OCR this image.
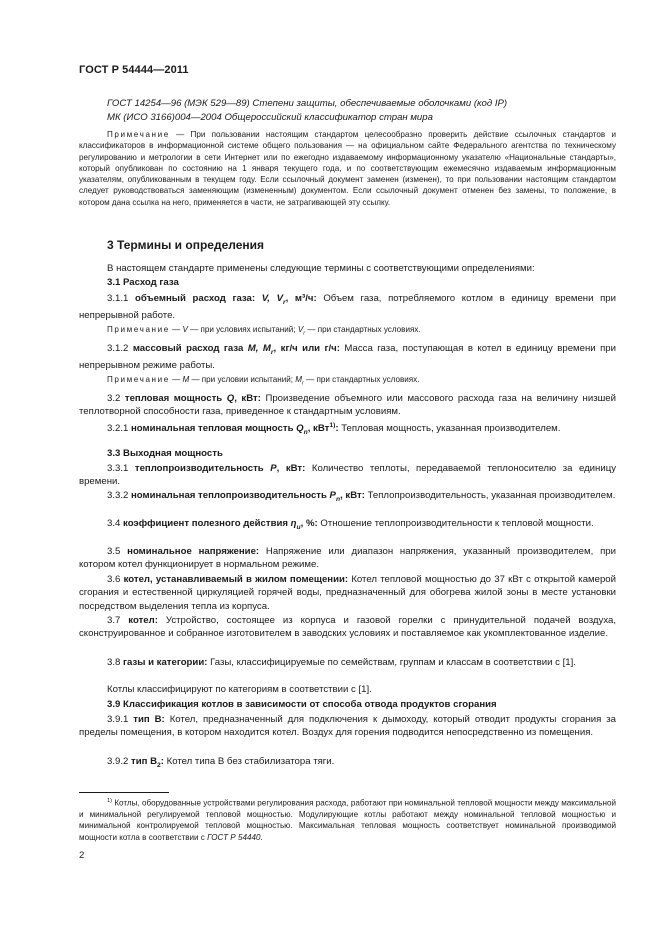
ГОСТ Р 54444—2011
ГОСТ 14254—96 (МЭК 529—89) Степени защиты, обеспечиваемые оболочками (код IP)
МК (ИСО 3166)004—2004 Общероссийский классификатор стран мира
Примечание — При пользовании настоящим стандартом целесообразно проверить действие ссылочных стандартов и классификаторов в информационной системе общего пользования — на официальном сайте Федерального агентства по техническому регулированию и метрологии в сети Интернет или по ежегодно издаваемому информационному указателю «Национальные стандарты», который опубликован по состоянию на 1 января текущего года, и по соответствующим ежемесячно издаваемым информационным указателям, опубликованным в текущем году. Если ссылочный документ заменен (изменен), то при пользовании настоящим стандартом следует руководствоваться заменяющим (измененным) документом. Если ссылочный документ отменен без замены, то положение, в котором дана ссылка на него, применяется в части, не затрагивающей эту ссылку.
3 Термины и определения
В настоящем стандарте применены следующие термины с соответствующими определениями:
3.1 Расход газа
3.1.1 объемный расход газа: V, $V_r$, м³/ч: Объем газа, потребляемого котлом в единицу времени при непрерывной работе.
Примечание — V — при условиях испытаний; $V_r$ — при стандартных условиях.
3.1.2 массовый расход газа M, $M_r$, кг/ч или г/ч: Масса газа, поступающая в котел в единицу времени при непрерывном режиме работы.
Примечание — M — при условии испытаний; $M_r$ — при стандартных условиях.
3.2 тепловая мощность Q, кВт: Произведение объемного или массового расхода газа на величину низшей теплотворной способности газа, приведенное к стандартным условиям.
3.2.1 номинальная тепловая мощность $Q_n$, кВт$^{1)}$: Тепловая мощность, указанная производителем.
3.3 Выходная мощность
3.3.1 теплопроизводительность P, кВт: Количество теплоты, передаваемой теплоносителю за единицу времени.
3.3.2 номинальная теплопроизводительность $P_n$, кВт: Теплопроизводительность, указанная производителем.
3.4 коэффициент полезного действия $\eta_u$, %: Отношение теплопроизводительности к тепловой мощности.
3.5 номинальное напряжение: Напряжение или диапазон напряжения, указанный производителем, при котором котел функционирует в нормальном режиме.
3.6 котел, устанавливаемый в жилом помещении: Котел тепловой мощностью до 37 кВт с открытой камерой сгорания и естественной циркуляцией горячей воды, предназначенный для обогрева жилой зоны в месте установки посредством выделения тепла из корпуса.
3.7 котел: Устройство, состоящее из корпуса и газовой горелки с принудительной подачей воздуха, сконструированное и собранное изготовителем в заводских условиях и поставляемое как укомплектованное изделие.
3.8 газы и категории: Газы, классифицируемые по семействам, группам и классам в соответствии с [1].
Котлы классифицируют по категориям в соответствии с [1].
3.9 Классификация котлов в зависимости от способа отвода продуктов сгорания
3.9.1 тип B: Котел, предназначенный для подключения к дымоходу, который отводит продукты сгорания за пределы помещения, в котором находится котел. Воздух для горения подводится непосредственно из помещения.
3.9.2 тип $B_2$: Котел типа B без стабилизатора тяги.
$^{1)}$ Котлы, оборудованные устройствами регулирования расхода, работают при номинальной тепловой мощности между максимальной и минимальной регулируемой тепловой мощностью. Модулирующие котлы работают между номинальной тепловой мощностью и минимальной контролируемой тепловой мощностью. Максимальная тепловая мощность соответствует номинальной производимой мощности котла в соответствии с ГОСТ Р 54440.
2
